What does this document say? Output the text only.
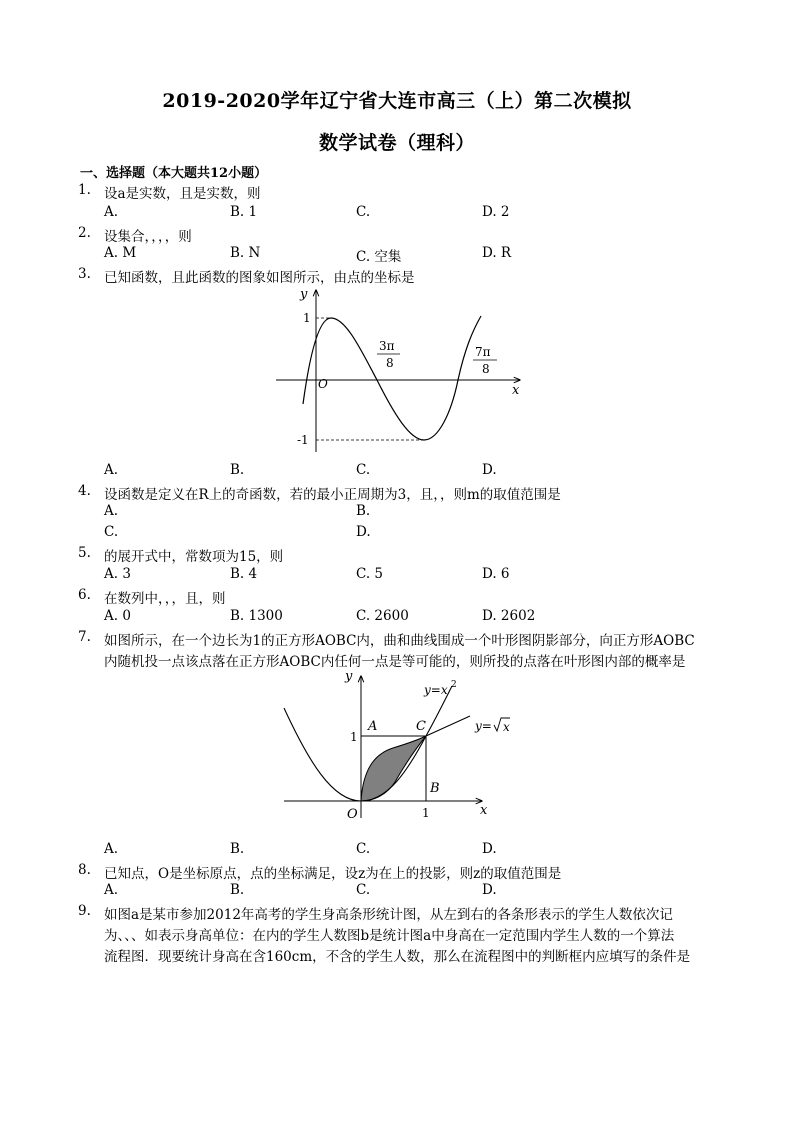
2019-2020学年辽宁省大连市高三（上）第二次模拟
数学试卷（理科）
一、选择题（本大题共12小题）
1. 设a是实数，且是实数，则
A.	B. 1	C.	D. 2
2. 设集合，，，，则
A. M	B. N	C. 空集	D. R
3. 已知函数，且此函数的图象如图所示，由点的坐标是
y
x
O
1
-1
3π
8
7π
8
A.	B.	C.	D.
4. 设函数是定义在R上的奇函数，若的最小正周期为3，且，，则m的取值范围是
A.	B.
C.	D.
5. 的展开式中，常数项为15，则
A. 3	B. 4	C. 5	D. 6
6. 在数列中，，，且，则
A. 0	B. 1300	C. 2600	D. 2602
7. 如图所示，在一个边长为1的正方形AOBC内，曲和曲线围成一个叶形图阴影部分，向正方形AOBC
内随机投一点该点落在正方形AOBC内任何一点是等可能的，则所投的点落在叶形图内部的概率是
y
x
O
1
1
A
B
C
y=x 2
y= x
A.	B.	C.	D.
8. 已知点，O是坐标原点，点的坐标满足，设z为在上的投影，则z的取值范围是
A.	B.	C.	D.
9. 如图a是某市参加2012年高考的学生身高条形统计图，从左到右的各条形表示的学生人数依次记
为、、、如表示身高单位：在内的学生人数图b是统计图a中身高在一定范围内学生人数的一个算法
流程图．现要统计身高在含160cm，不含的学生人数，那么在流程图中的判断框内应填写的条件是
